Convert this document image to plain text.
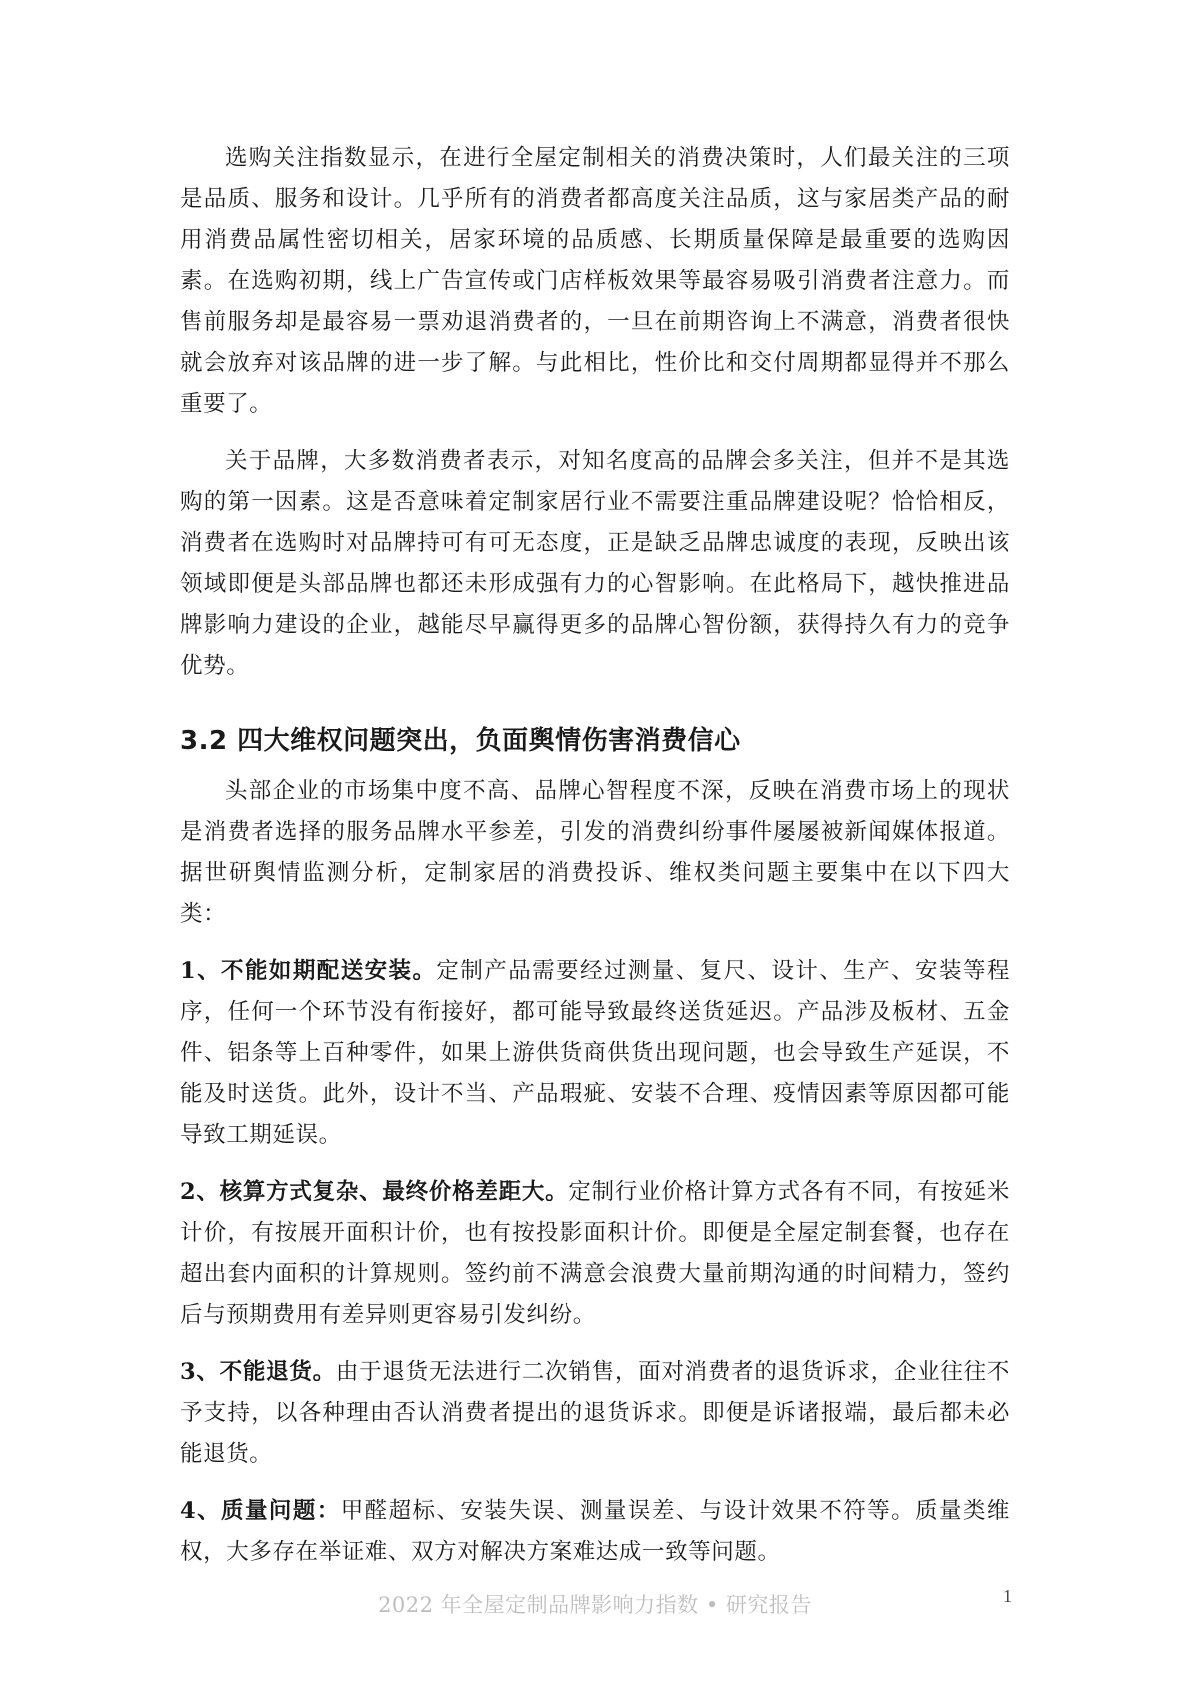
选购关注指数显示，在进行全屋定制相关的消费决策时，人们最关注的三项是品质、服务和设计。几乎所有的消费者都高度关注品质，这与家居类产品的耐用消费品属性密切相关，居家环境的品质感、长期质量保障是最重要的选购因素。在选购初期，线上广告宣传或门店样板效果等最容易吸引消费者注意力。而售前服务却是最容易一票劝退消费者的，一旦在前期咨询上不满意，消费者很快就会放弃对该品牌的进一步了解。与此相比，性价比和交付周期都显得并不那么重要了。

关于品牌，大多数消费者表示，对知名度高的品牌会多关注，但并不是其选购的第一因素。这是否意味着定制家居行业不需要注重品牌建设呢？恰恰相反，消费者在选购时对品牌持可有可无态度，正是缺乏品牌忠诚度的表现，反映出该领域即便是头部品牌也都还未形成强有力的心智影响。在此格局下，越快推进品牌影响力建设的企业，越能尽早赢得更多的品牌心智份额，获得持久有力的竞争优势。

3.2 四大维权问题突出，负面舆情伤害消费信心

头部企业的市场集中度不高、品牌心智程度不深，反映在消费市场上的现状是消费者选择的服务品牌水平参差，引发的消费纠纷事件屡屡被新闻媒体报道。据世研舆情监测分析，定制家居的消费投诉、维权类问题主要集中在以下四大类：

1、不能如期配送安装。定制产品需要经过测量、复尺、设计、生产、安装等程序，任何一个环节没有衔接好，都可能导致最终送货延迟。产品涉及板材、五金件、铝条等上百种零件，如果上游供货商供货出现问题，也会导致生产延误，不能及时送货。此外，设计不当、产品瑕疵、安装不合理、疫情因素等原因都可能导致工期延误。

2、核算方式复杂、最终价格差距大。定制行业价格计算方式各有不同，有按延米计价，有按展开面积计价，也有按投影面积计价。即便是全屋定制套餐，也存在超出套内面积的计算规则。签约前不满意会浪费大量前期沟通的时间精力，签约后与预期费用有差异则更容易引发纠纷。

3、不能退货。由于退货无法进行二次销售，面对消费者的退货诉求，企业往往不予支持，以各种理由否认消费者提出的退货诉求。即便是诉诸报端，最后都未必能退货。

4、质量问题：甲醛超标、安装失误、测量误差、与设计效果不符等。质量类维权，大多存在举证难、双方对解决方案难达成一致等问题。

2022 年全屋定制品牌影响力指数 • 研究报告	1
